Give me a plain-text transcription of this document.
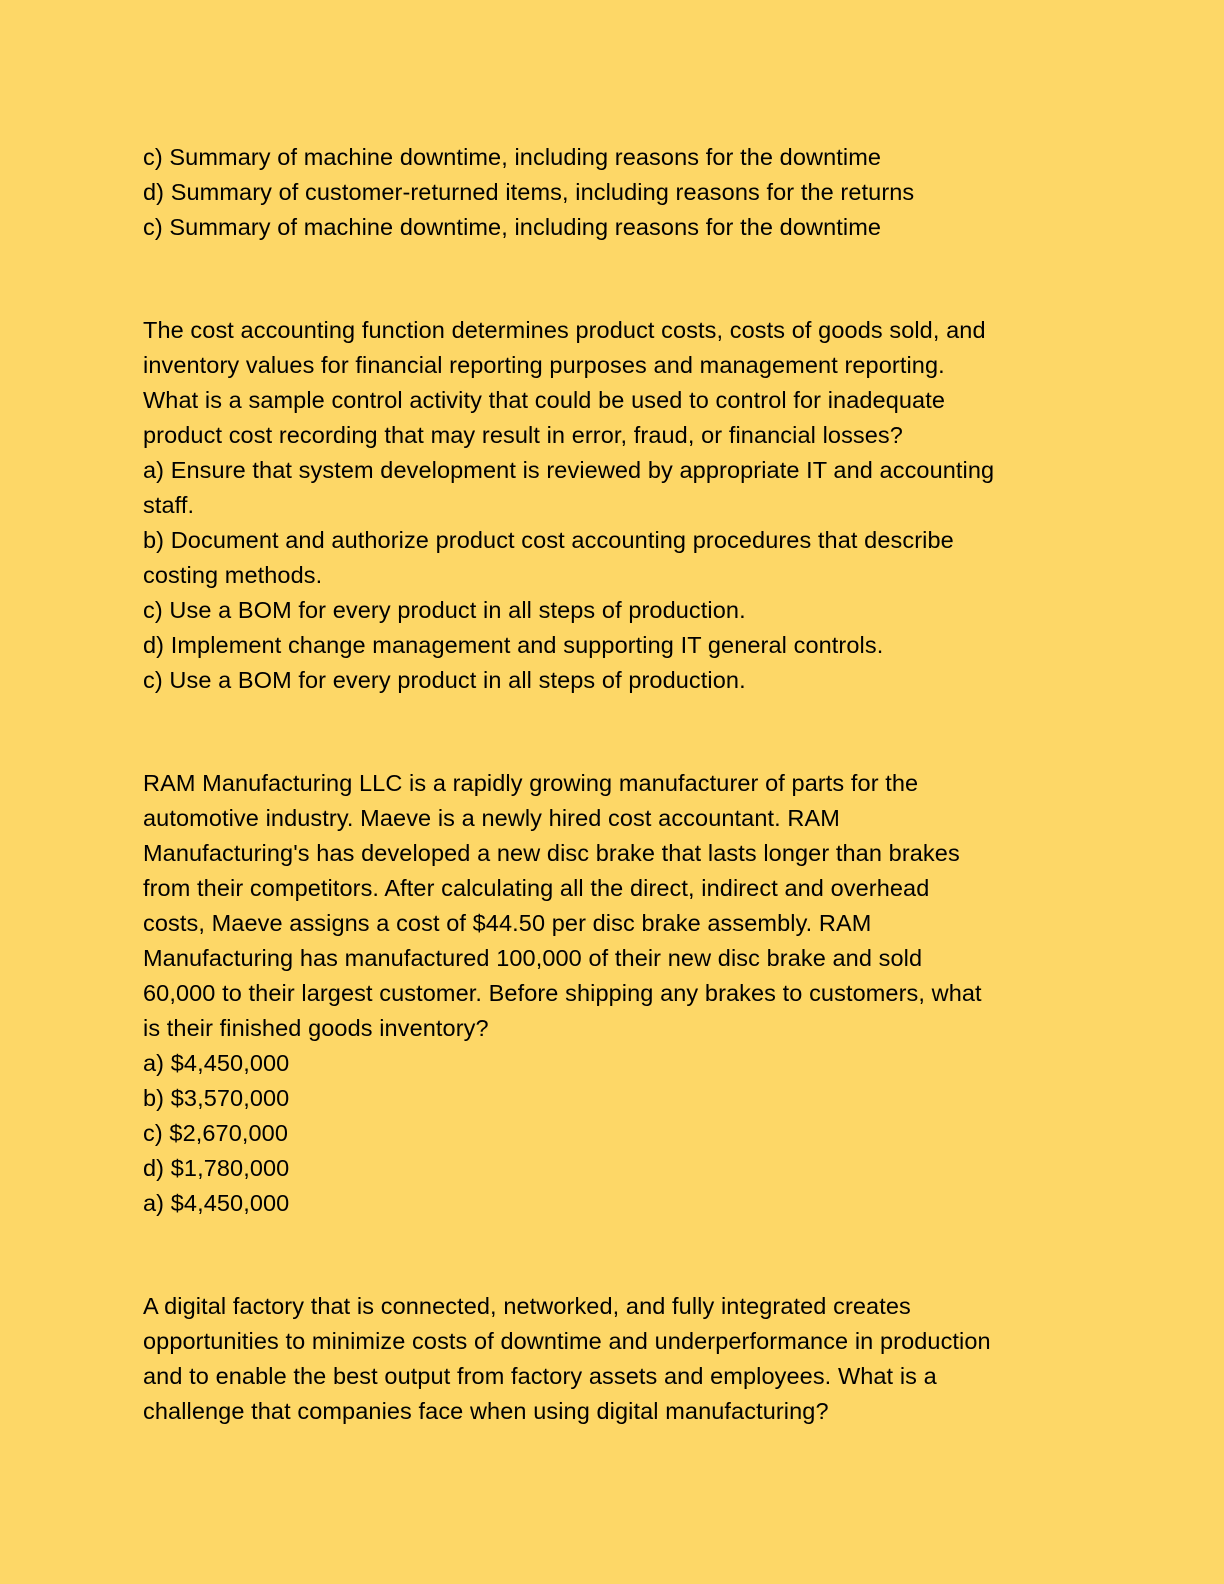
c) Summary of machine downtime, including reasons for the downtime
d) Summary of customer-returned items, including reasons for the returns
c) Summary of machine downtime, including reasons for the downtime
The cost accounting function determines product costs, costs of goods sold, and
inventory values for financial reporting purposes and management reporting.
What is a sample control activity that could be used to control for inadequate
product cost recording that may result in error, fraud, or financial losses?
a) Ensure that system development is reviewed by appropriate IT and accounting
staff.
b) Document and authorize product cost accounting procedures that describe
costing methods.
c) Use a BOM for every product in all steps of production.
d) Implement change management and supporting IT general controls.
c) Use a BOM for every product in all steps of production.
RAM Manufacturing LLC is a rapidly growing manufacturer of parts for the
automotive industry. Maeve is a newly hired cost accountant. RAM
Manufacturing's has developed a new disc brake that lasts longer than brakes
from their competitors. After calculating all the direct, indirect and overhead
costs, Maeve assigns a cost of $44.50 per disc brake assembly. RAM
Manufacturing has manufactured 100,000 of their new disc brake and sold
60,000 to their largest customer. Before shipping any brakes to customers, what
is their finished goods inventory?
a) $4,450,000
b) $3,570,000
c) $2,670,000
d) $1,780,000
a) $4,450,000
A digital factory that is connected, networked, and fully integrated creates
opportunities to minimize costs of downtime and underperformance in production
and to enable the best output from factory assets and employees. What is a
challenge that companies face when using digital manufacturing?
